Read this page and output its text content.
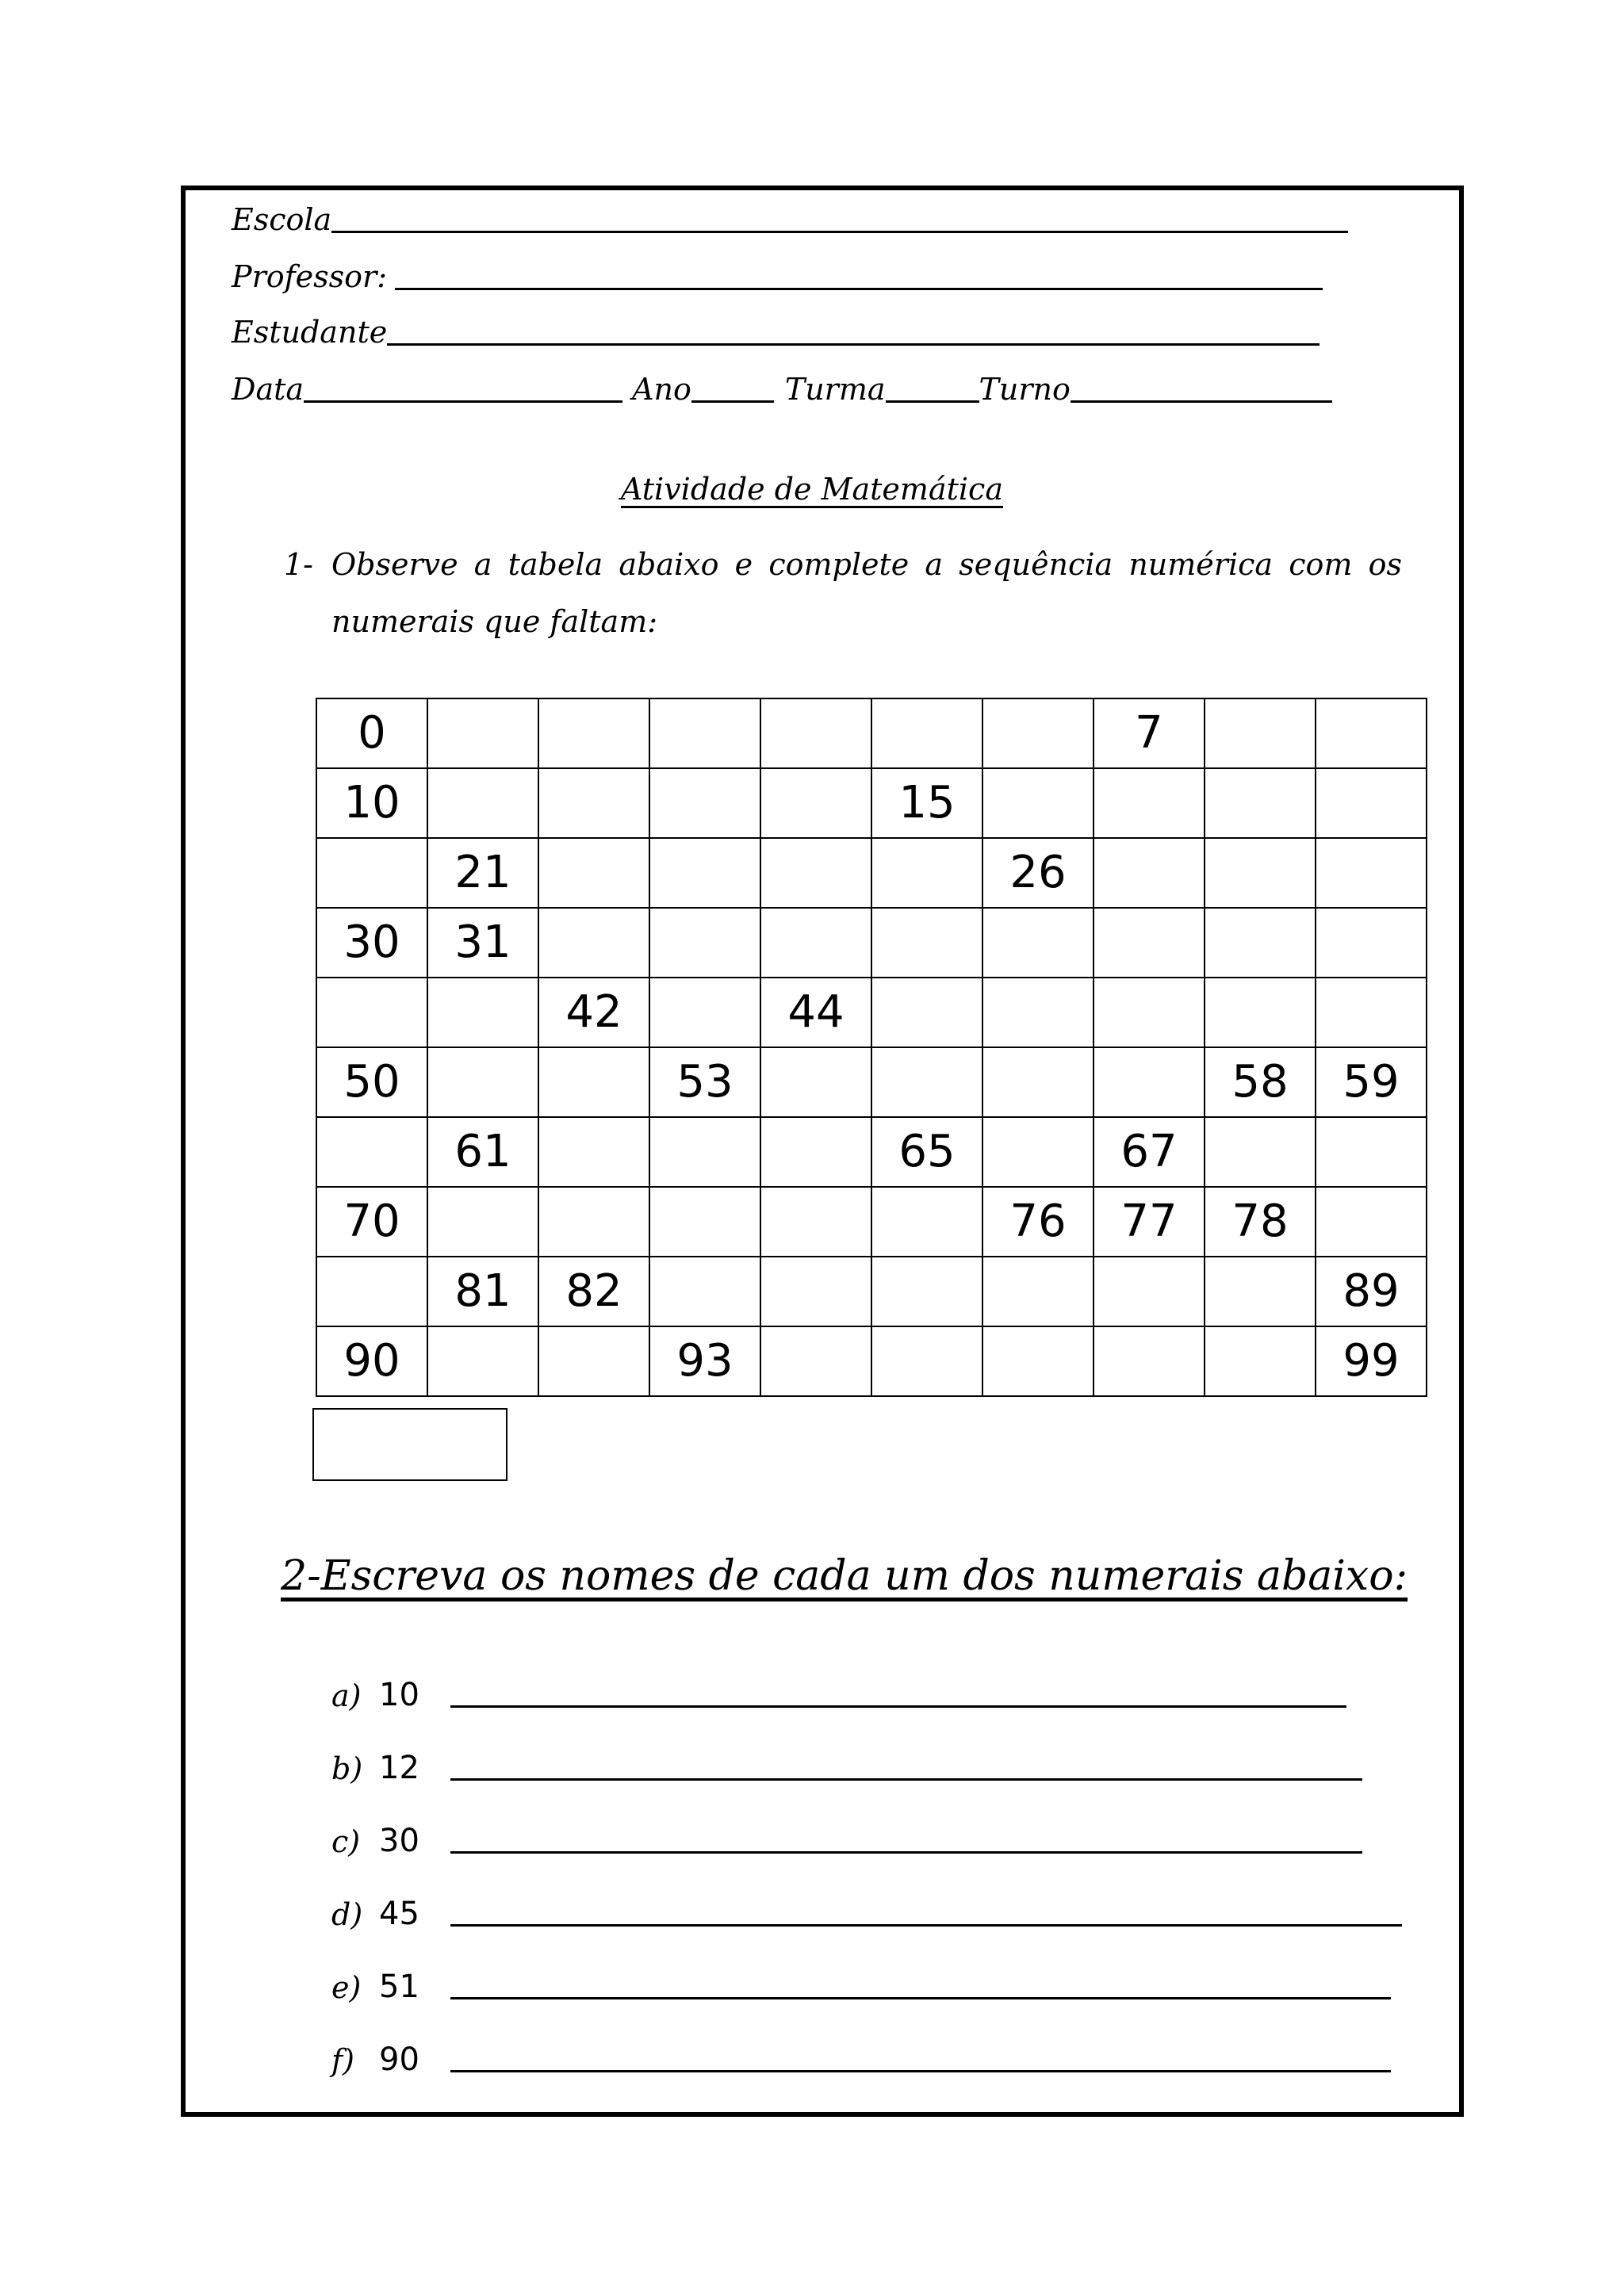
Escola
Professor:
Estudante
Data	Ano	Turma	Turno
Atividade de Matemática
1- Observe a tabela abaixo e complete a sequência numérica com os numerais que faltam:
0							7		
10					15				
	21					26			
30	31								
		42		44					
50			53					58	59
	61				65		67		
70						76	77	78	
	81	82							89
90			93						99
2-Escreva os nomes de cada um dos numerais abaixo:
a) 10
b) 12
c) 30
d) 45
e) 51
f) 90
